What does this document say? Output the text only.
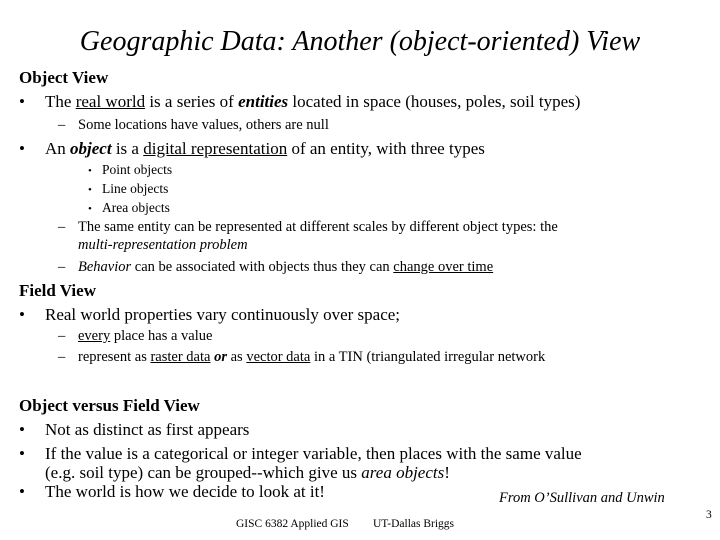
Geographic Data: Another (object-oriented) View
Object View
• The real world is a series of entities located in space (houses, poles, soil types)
– Some locations have values, others are null
• An object is a digital representation of an entity, with three types
• Point objects
• Line objects
• Area objects
– The same entity can be represented at different scales by different object types: the
multi-representation problem
– Behavior can be associated with objects thus they can change over time
Field View
• Real world properties vary continuously over space;
– every place has a value
– represent as raster data or as vector data in a TIN (triangulated irregular network
Object versus Field View
• Not as distinct as first appears
• If the value is a categorical or integer variable, then places with the same value
(e.g. soil type) can be grouped--which give us area objects!
• The world is how we decide to look at it!	From O’Sullivan and Unwin
GISC 6382 Applied GIS UT-Dallas Briggs
3
